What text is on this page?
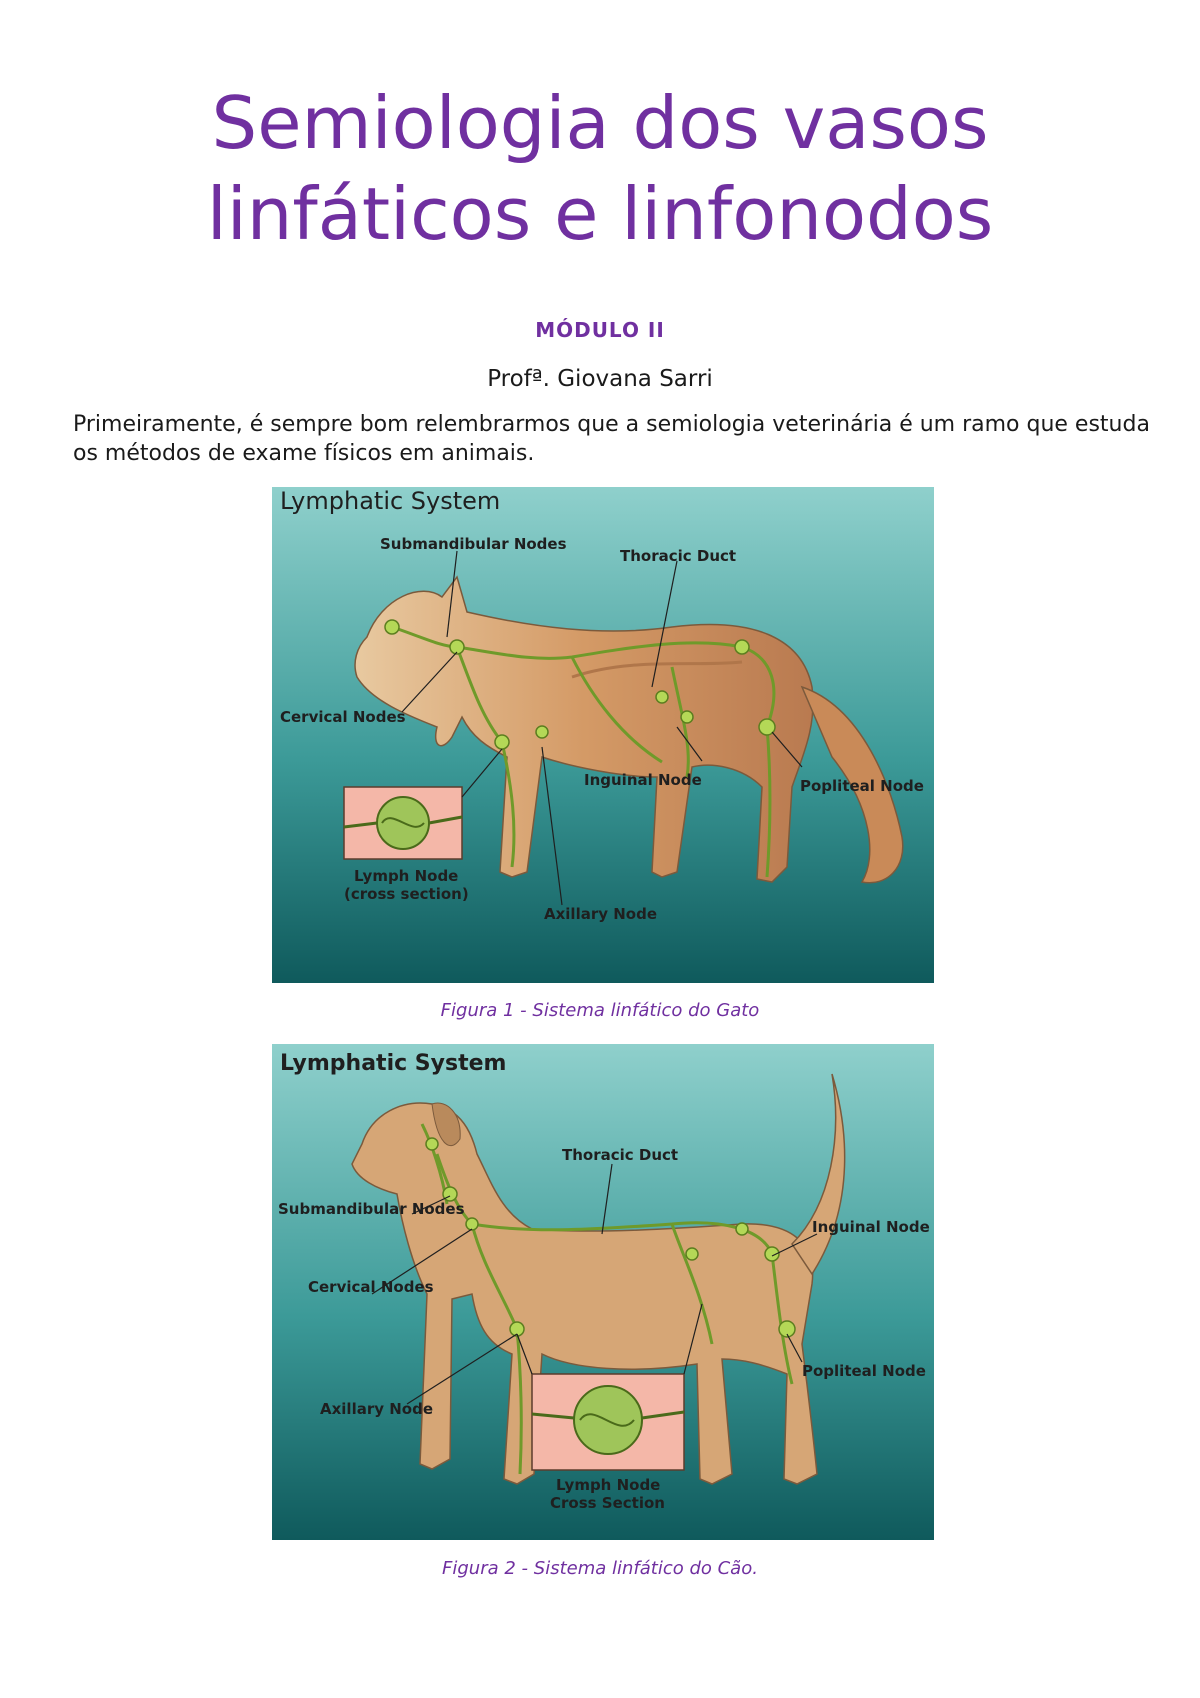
Semiologia dos vasos
linfáticos e linfonodos
MÓDULO II
Profª. Giovana Sarri

Primeiramente, é sempre bom relembrarmos que a semiologia veterinária é um ramo que estuda os métodos de exame físicos em animais.

Lymphatic System
Submandibular Nodes
Thoracic Duct
Cervical Nodes
Inguinal Node	Popliteal Node
Lymph Node
(cross section)
Axillary Node
Figura 1 - Sistema linfático do Gato
Lymphatic System
Thoracic Duct
Submandibular Nodes
Inguinal Node
Cervical Nodes
Popliteal Node
Axillary Node
Lymph Node
Cross Section
Figura 2 - Sistema linfático do Cão.
